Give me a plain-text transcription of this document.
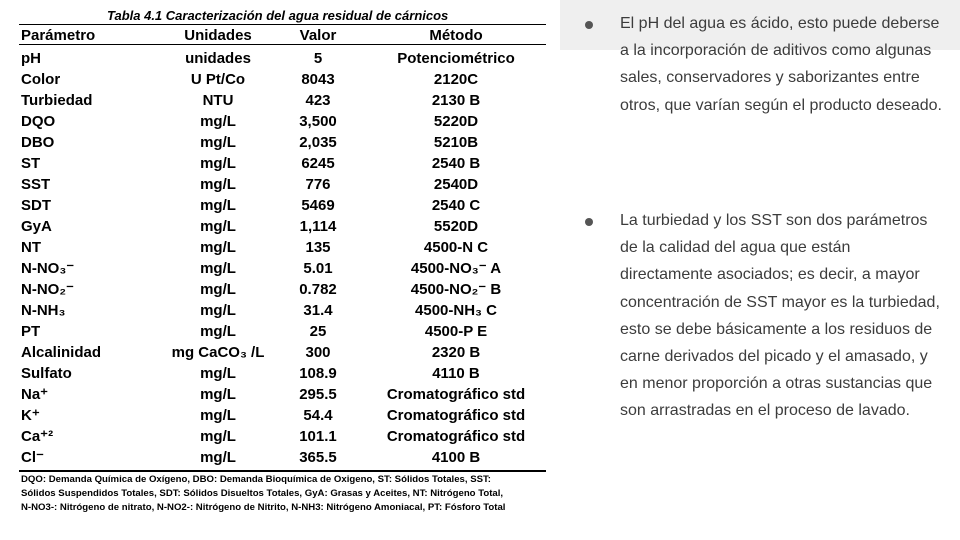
Tabla 4.1 Caracterización del agua residual de cárnicos
Parámetro	Unidades	Valor	Método
pH	unidades	5	Potenciométrico
Color	U Pt/Co	8043	2120C
Turbiedad	NTU	423	2130 B
DQO	mg/L	3,500	5220D
DBO	mg/L	2,035	5210B
ST	mg/L	6245	2540 B
SST	mg/L	776	2540D
SDT	mg/L	5469	2540 C
GyA	mg/L	1,114	5520D
NT	mg/L	135	4500-N C
N-NO₃⁻	mg/L	5.01	4500-NO₃⁻ A
N-NO₂⁻	mg/L	0.782	4500-NO₂⁻ B
N-NH₃	mg/L	31.4	4500-NH₃ C
PT	mg/L	25	4500-P E
Alcalinidad	mg CaCO₃ /L	300	2320 B
Sulfato	mg/L	108.9	4110 B
Na⁺	mg/L	295.5	Cromatográfico std
K⁺	mg/L	54.4	Cromatográfico std
Ca⁺²	mg/L	101.1	Cromatográfico std
Cl⁻	mg/L	365.5	4100 B
DQO: Demanda Química de Oxígeno, DBO: Demanda Bioquímica de Oxigeno, ST: Sólidos Totales, SST:
Sólidos Suspendidos Totales, SDT: Sólidos Disueltos Totales, GyA: Grasas y Aceites, NT: Nitrógeno Total,
N-NO3-: Nitrógeno de nitrato, N-NO2-: Nitrógeno de Nitrito, N-NH3: Nitrógeno Amoniacal, PT: Fósforo Total
El pH del agua es ácido, esto puede deberse a la incorporación de aditivos como algunas sales, conservadores y saborizantes entre otros, que varían según el producto deseado.
La turbiedad y los SST son dos parámetros de la calidad del agua que están directamente asociados; es decir, a mayor concentración de SST mayor es la turbiedad, esto se debe básicamente a los residuos de carne derivados del picado y el amasado, y en menor proporción a otras sustancias que son arrastradas en el proceso de lavado.
